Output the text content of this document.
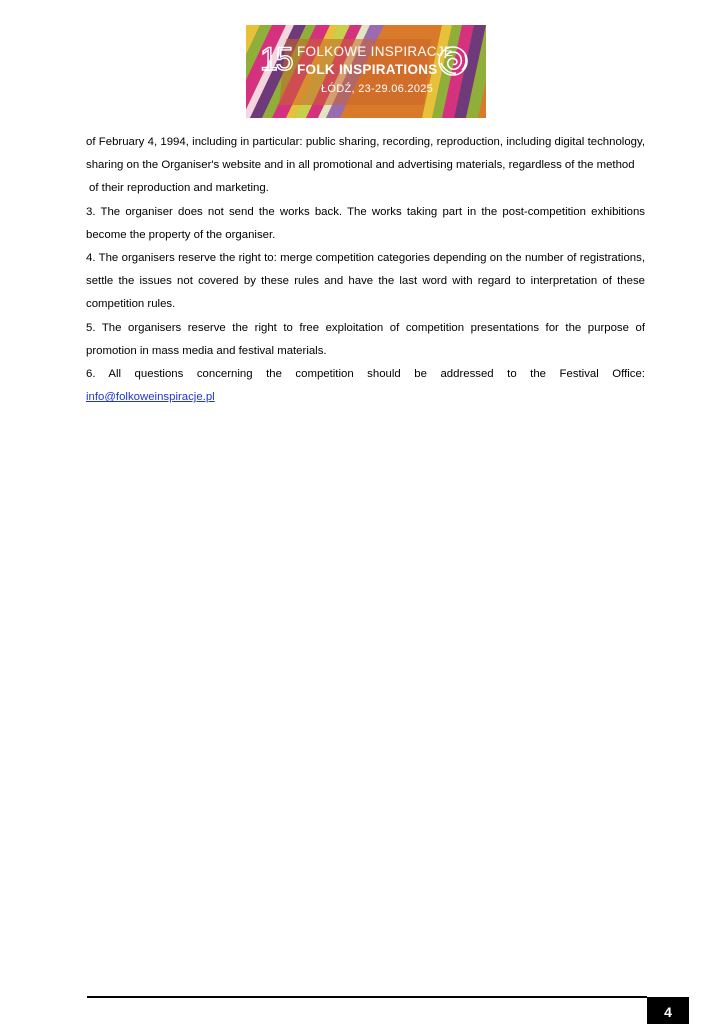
15 FOLKOWE INSPIRACJE
FOLK INSPIRATIONS
ŁÓDŹ, 23-29.06.2025

of February 4, 1994, including in particular: public sharing, recording, reproduction, including digital technology, sharing on the Organiser's website and in all promotional and advertising materials, regardless of the method

of their reproduction and marketing.

3. The organiser does not send the works back. The works taking part in the post-competition exhibitions become the property of the organiser.

4. The organisers reserve the right to: merge competition categories depending on the number of registrations, settle the issues not covered by these rules and have the last word with regard to interpretation of these competition rules.

5. The organisers reserve the right to free exploitation of competition presentations for the purpose of promotion in mass media and festival materials.

6. All questions concerning the competition should be addressed to the Festival Office: info@folkoweinspiracje.pl

4
